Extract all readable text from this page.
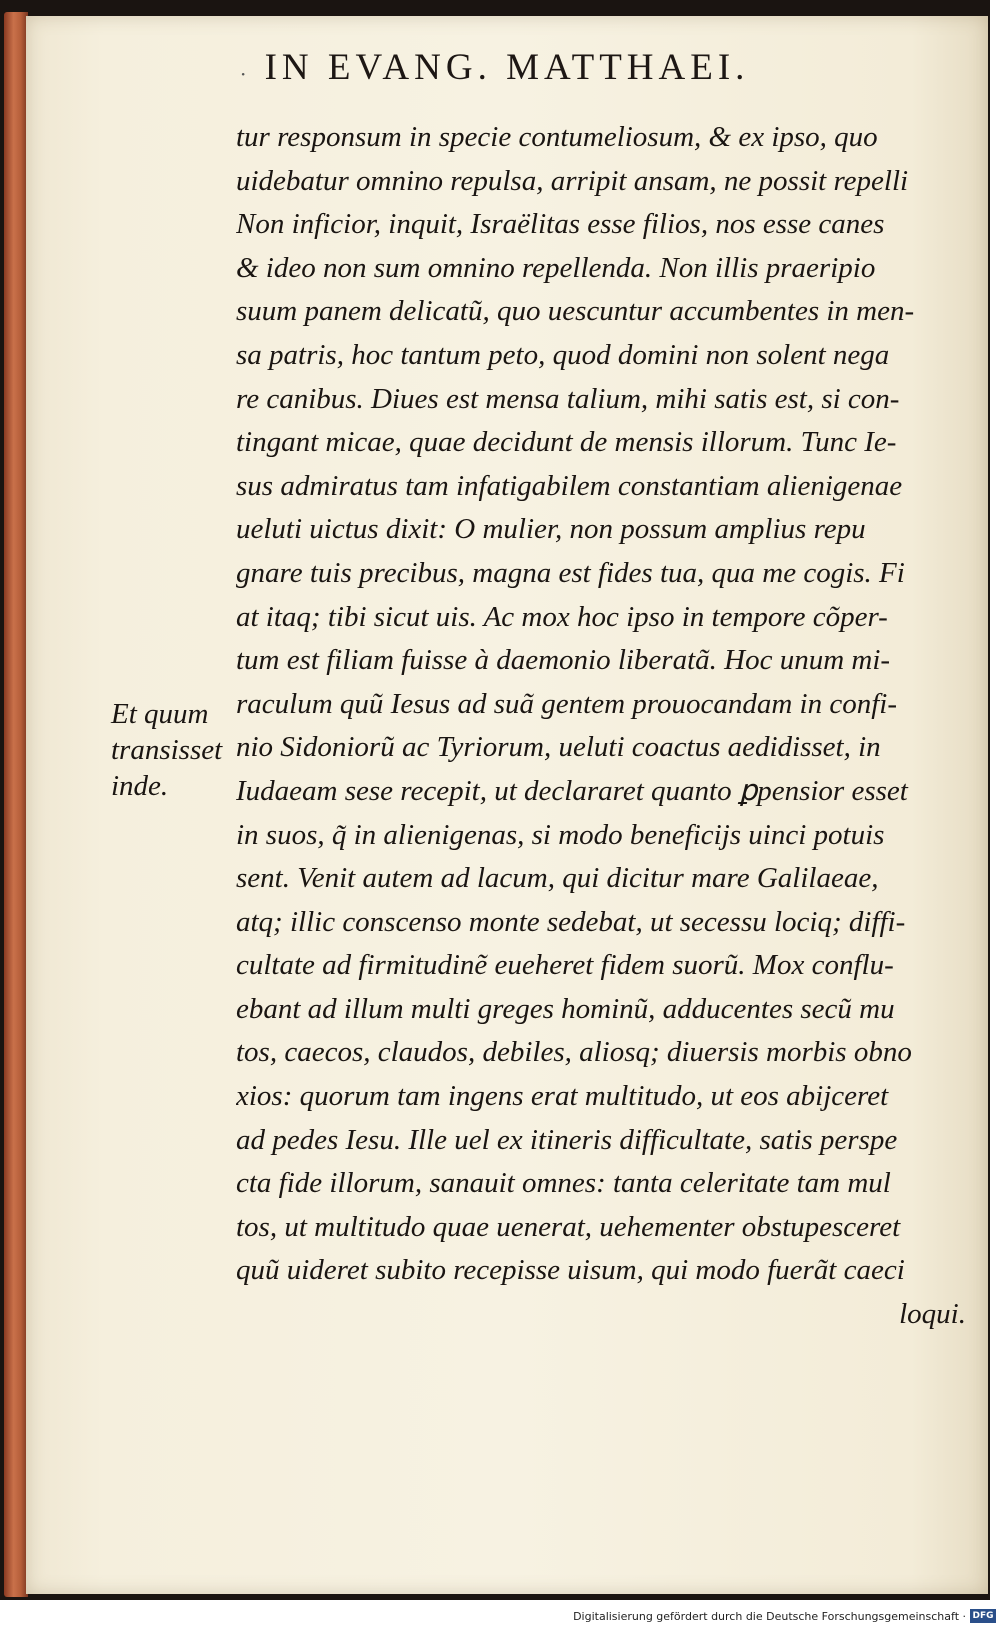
· IN EVANG. MATTHAEI.
tur responsum in specie contumeliosum, & ex ipso, quo
uidebatur omnino repulsa, arripit ansam, ne possit repelli
Non inficior, inquit, Israëlitas esse filios, nos esse canes
& ideo non sum omnino repellenda. Non illis praeripio
suum panem delicatũ, quo uescuntur accumbentes in men-
sa patris, hoc tantum peto, quod domini non solent nega
re canibus. Diues est mensa talium, mihi satis est, si con-
tingant micae, quae decidunt de mensis illorum. Tunc Ie-
sus admiratus tam infatigabilem constantiam alienigenae
ueluti uictus dixit: O mulier, non possum amplius repu
gnare tuis precibus, magna est fides tua, qua me cogis. Fi
at itaq; tibi sicut uis. Ac mox hoc ipso in tempore cõper-
tum est filiam fuisse à daemonio liberatã. Hoc unum mi-
raculum quũ Iesus ad suã gentem prouocandam in confi-
nio Sidoniorũ ac Tyriorum, ueluti coactus aedidisset, in
Iudaeam sese recepit, ut declararet quanto ꝑpensior esset
in suos, q̃ in alienigenas, si modo beneficijs uinci potuis
sent. Venit autem ad lacum, qui dicitur mare Galilaeae,
atq; illic conscenso monte sedebat, ut secessu lociq; diffi-
cultate ad firmitudinẽ eueheret fidem suorũ. Mox conflu-
ebant ad illum multi greges hominũ, adducentes secũ mu
tos, caecos, claudos, debiles, aliosq; diuersis morbis obno
xios: quorum tam ingens erat multitudo, ut eos abijceret
ad pedes Iesu. Ille uel ex itineris difficultate, satis perspe
cta fide illorum, sanauit omnes: tanta celeritate tam mul
tos, ut multitudo quae uenerat, uehementer obstupesceret
quũ uideret subito recepisse uisum, qui modo fuerãt caeci
loqui.
Et quum
transisset
inde.
Digitalisierung gefördert durch die Deutsche Forschungsgemeinschaft · DFG
